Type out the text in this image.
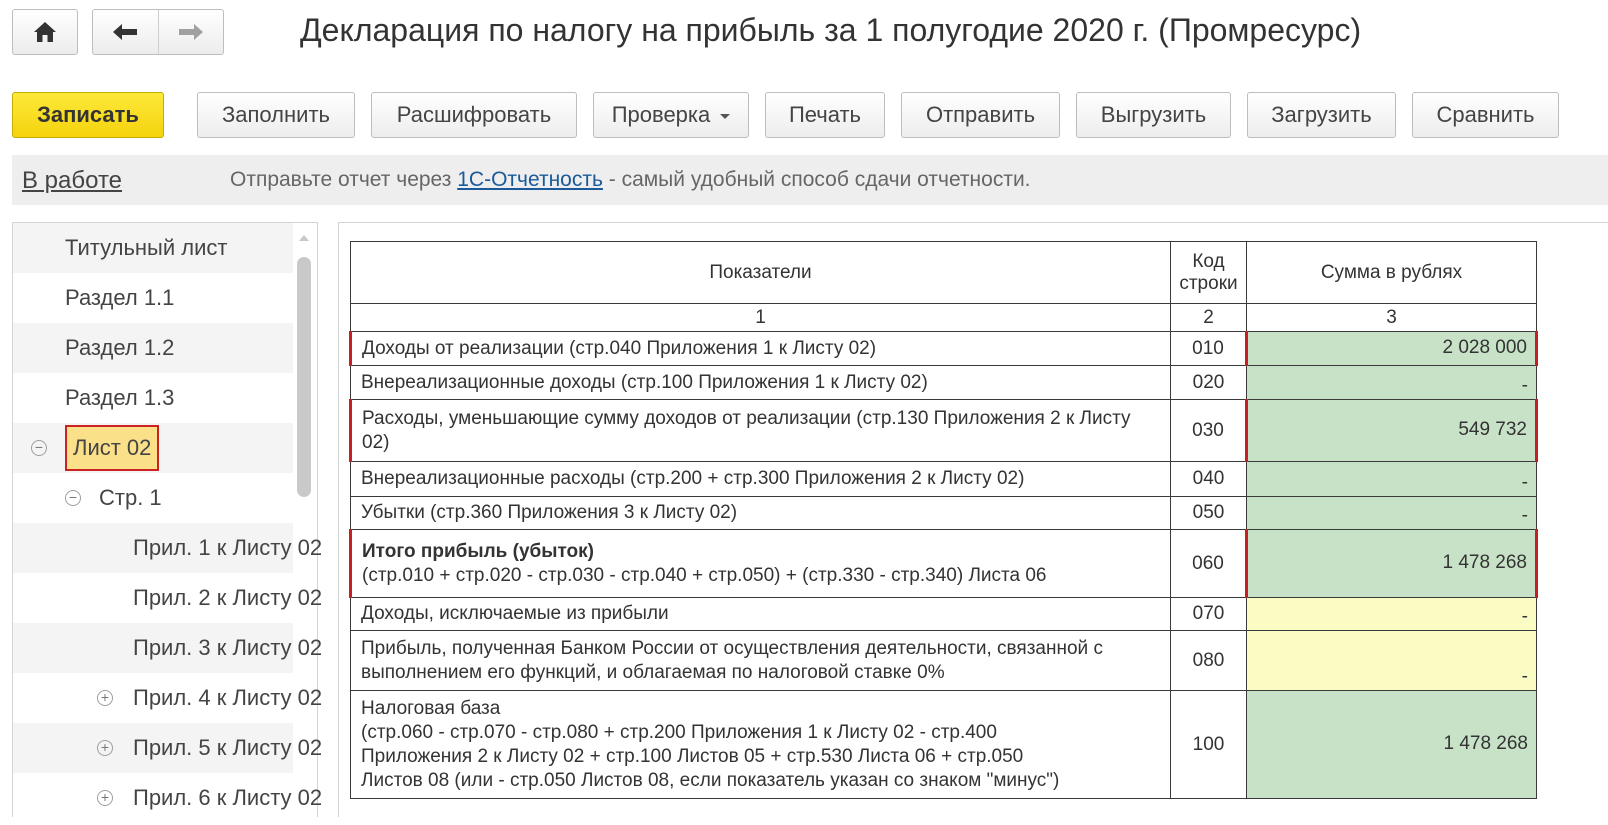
Декларация по налогу на прибыль за 1 полугодие 2020 г. (Промресурс)
Записать	Заполнить	Расшифровать	Проверка	Печать	Отправить	Выгрузить	Загрузить	Сравнить
В работе	Отправьте отчет через 1С-Отчетность - самый удобный способ сдачи отчетности.
Титульный лист
Раздел 1.1
Раздел 1.2
Раздел 1.3
−	Лист 02
− Стр. 1
Прил. 1 к Листу 02
Прил. 2 к Листу 02
Прил. 3 к Листу 02
+ Прил. 4 к Листу 02
+ Прил. 5 к Листу 02
+ Прил. 6 к Листу 02
Показатели	Код строки	Сумма в рублях
1	2	3
Доходы от реализации (стр.040 Приложения 1 к Листу 02)	010	2 028 000
Внереализационные доходы (стр.100 Приложения 1 к Листу 02)	020	-

Расходы, уменьшающие сумму доходов от реализации (стр.130 Приложения 2 к Листу 02)	030	549 732
Внереализационные расходы (стр.200 + стр.300 Приложения 2 к Листу 02)	040	-
Убытки (стр.360 Приложения 3 к Листу 02)	050	-

Итого прибыль (убыток)
(стр.010 + стр.020 - стр.030 - стр.040 + стр.050) + (стр.330 - стр.340) Листа 06	060	1 478 268
Доходы, исключаемые из прибыли	070	-

Прибыль, полученная Банком России от осуществления деятельности, связанной с выполнением его функций, и облагаемая по налоговой ставке 0%	080	-

Налоговая база
(стр.060 - стр.070 - стр.080 + стр.200 Приложения 1 к Листу 02 - стр.400 Приложения 2 к Листу 02 + стр.100 Листов 05 + стр.530 Листа 06 + стр.050 Листов 08 (или - стр.050 Листов 08, если показатель указан со знаком "минус")	100	1 478 268
